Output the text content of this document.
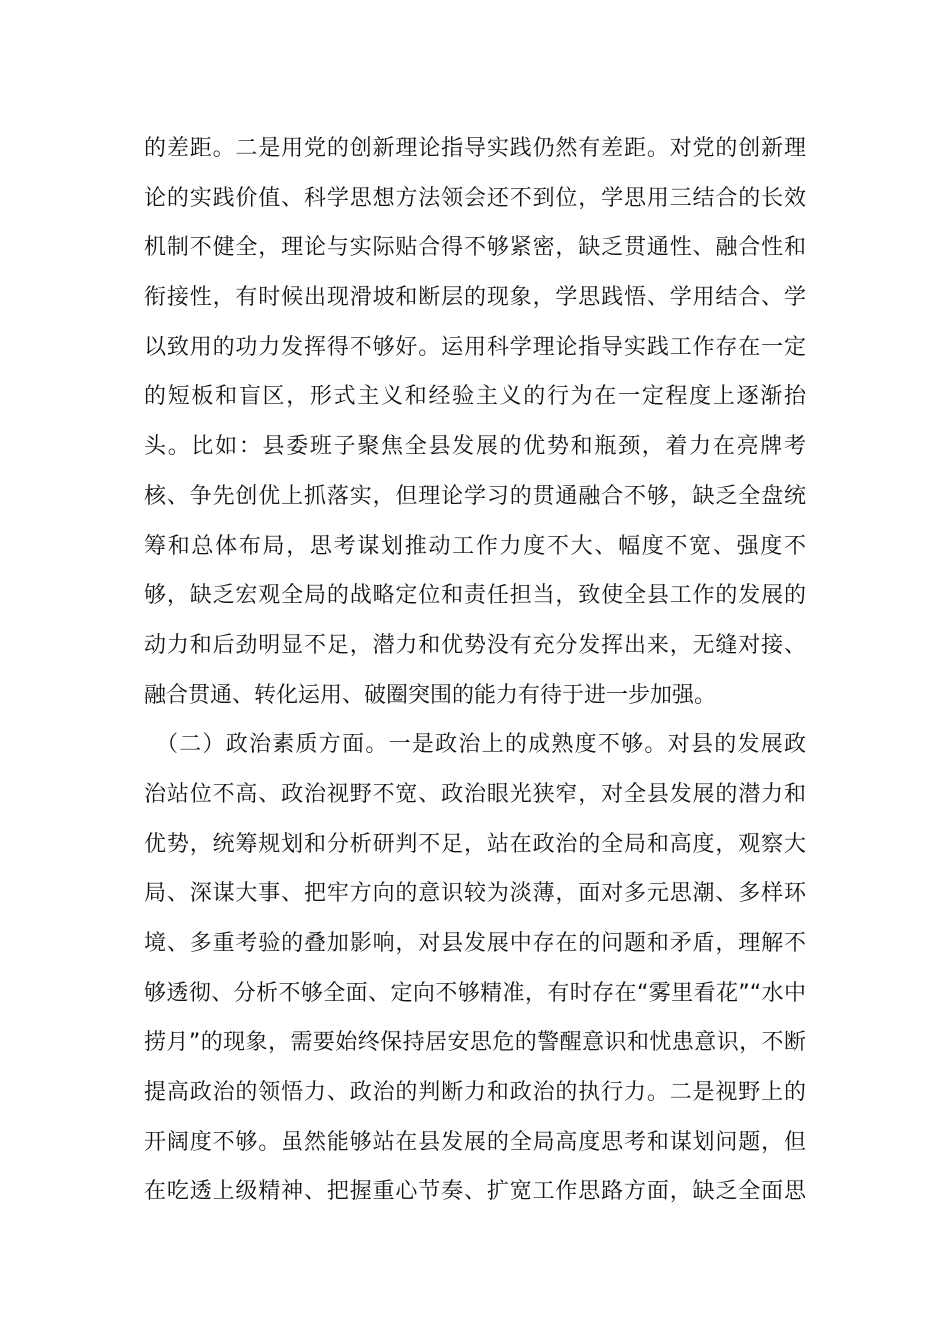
的差距。二是用党的创新理论指导实践仍然有差距。对党的创新理
论的实践价值、科学思想方法领会还不到位，学思用三结合的长效
机制不健全，理论与实际贴合得不够紧密，缺乏贯通性、融合性和
衔接性，有时候出现滑坡和断层的现象，学思践悟、学用结合、学
以致用的功力发挥得不够好。运用科学理论指导实践工作存在一定
的短板和盲区，形式主义和经验主义的行为在一定程度上逐渐抬
头。比如：县委班子聚焦全县发展的优势和瓶颈，着力在亮牌考
核、争先创优上抓落实，但理论学习的贯通融合不够，缺乏全盘统
筹和总体布局，思考谋划推动工作力度不大、幅度不宽、强度不
够，缺乏宏观全局的战略定位和责任担当，致使全县工作的发展的
动力和后劲明显不足，潜力和优势没有充分发挥出来，无缝对接、
融合贯通、转化运用、破圈突围的能力有待于进一步加强。
（二）政治素质方面。一是政治上的成熟度不够。对县的发展政
治站位不高、政治视野不宽、政治眼光狭窄，对全县发展的潜力和
优势，统筹规划和分析研判不足，站在政治的全局和高度，观察大
局、深谋大事、把牢方向的意识较为淡薄，面对多元思潮、多样环
境、多重考验的叠加影响，对县发展中存在的问题和矛盾，理解不
够透彻、分析不够全面、定向不够精准，有时存在“雾里看花”“水中
捞月”的现象，需要始终保持居安思危的警醒意识和忧患意识，不断
提高政治的领悟力、政治的判断力和政治的执行力。二是视野上的
开阔度不够。虽然能够站在县发展的全局高度思考和谋划问题，但
在吃透上级精神、把握重心节奏、扩宽工作思路方面，缺乏全面思
